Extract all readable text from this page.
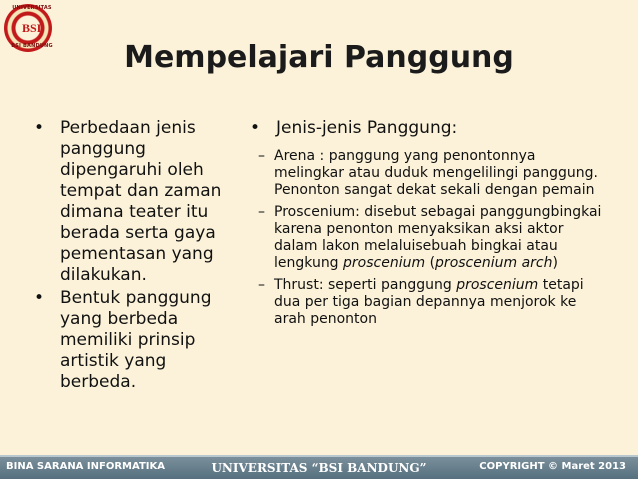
UNIVERSITAS
BSI
BSI BANDUNG	Mempelajari Panggung
• Perbedaan jenis panggung dipengaruhi oleh tempat dan zaman dimana teater itu berada serta gaya pementasan yang dilakukan.
• Bentuk panggung yang berbeda memiliki prinsip artistik yang berbeda.
• Jenis-jenis Panggung:
– Arena : panggung yang penontonnya melingkar atau duduk mengelilingi panggung. Penonton sangat dekat sekali dengan pemain
– Proscenium: disebut sebagai panggungbingkai karena penonton menyaksikan aksi aktor dalam lakon melaluisebuah bingkai atau lengkung proscenium (proscenium arch)
– Thrust: seperti panggung proscenium tetapi dua per tiga bagian depannya menjorok ke arah penonton
BINA SARANA INFORMATIKA	UNIVERSITAS “BSI BANDUNG”	COPYRIGHT © Maret 2013
